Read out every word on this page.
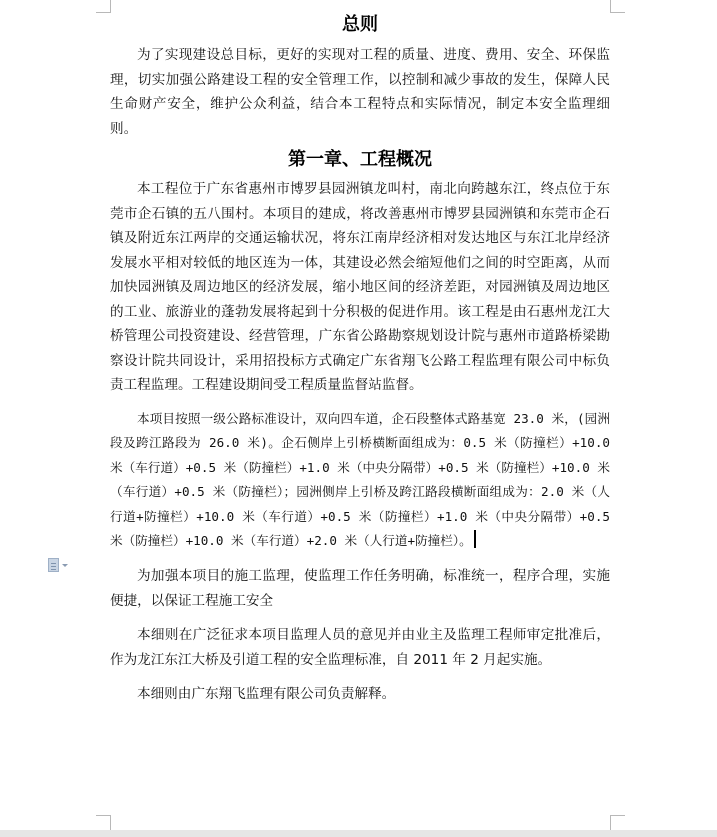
总则

为了实现建设总目标，更好的实现对工程的质量、进度、费用、安全、环保监理，切实加强公路建设工程的安全管理工作，以控制和减少事故的发生，保障人民生命财产安全，维护公众利益，结合本工程特点和实际情况，制定本安全监理细则。

第一章、工程概况

本工程位于广东省惠州市博罗县园洲镇龙叫村，南北向跨越东江，终点位于东莞市企石镇的五八围村。本项目的建成，将改善惠州市博罗县园洲镇和东莞市企石镇及附近东江两岸的交通运输状况，将东江南岸经济相对发达地区与东江北岸经济发展水平相对较低的地区连为一体，其建设必然会缩短他们之间的时空距离，从而加快园洲镇及周边地区的经济发展，缩小地区间的经济差距，对园洲镇及周边地区的工业、旅游业的蓬勃发展将起到十分积极的促进作用。该工程是由石惠州龙江大桥管理公司投资建设、经营管理，广东省公路勘察规划设计院与惠州市道路桥梁勘察设计院共同设计，采用招投标方式确定广东省翔飞公路工程监理有限公司中标负责工程监理。工程建设期间受工程质量监督站监督。

本项目按照一级公路标准设计，双向四车道，企石段整体式路基宽 23.0 米，(园洲段及跨江路段为 26.0 米)。企石侧岸上引桥横断面组成为：0.5 米（防撞栏）+10.0 米（车行道）+0.5 米（防撞栏）+1.0 米（中央分隔带）+0.5 米（防撞栏）+10.0 米（车行道）+0.5 米（防撞栏）；园洲侧岸上引桥及跨江路段横断面组成为：2.0 米（人行道+防撞栏）+10.0 米（车行道）+0.5 米（防撞栏）+1.0 米（中央分隔带）+0.5 米（防撞栏）+10.0 米（车行道）+2.0 米（人行道+防撞栏）。

为加强本项目的施工监理，使监理工作任务明确，标准统一，程序合理，实施便捷，以保证工程施工安全

本细则在广泛征求本项目监理人员的意见并由业主及监理工程师审定批准后，作为龙江东江大桥及引道工程的安全监理标准，自 2011 年 2 月起实施。

本细则由广东翔飞监理有限公司负责解释。
